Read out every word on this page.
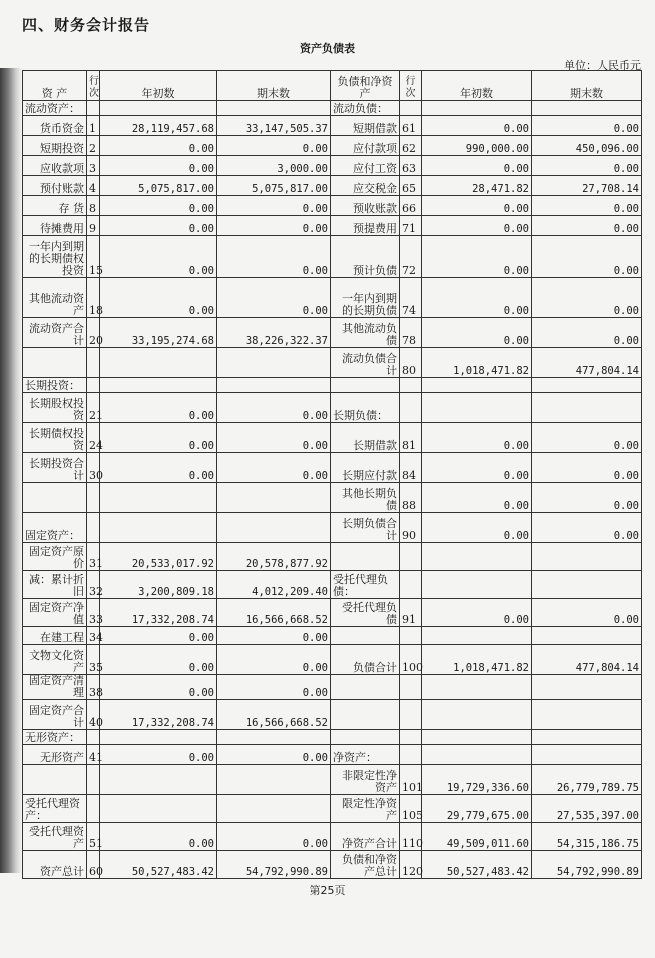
四、财务会计报告
资产负债表
单位：人民币元
资 产	行次	年初数	期末数	负债和净资产	行次	年初数	期末数
流动资产：				流动负债：			
货币资金	1	28,119,457.68	33,147,505.37	短期借款	61	0.00	0.00
短期投资	2	0.00	0.00	应付款项	62	990,000.00	450,096.00
应收款项	3	0.00	3,000.00	应付工资	63	0.00	0.00
预付账款	4	5,075,817.00	5,075,817.00	应交税金	65	28,471.82	27,708.14
存 货	8	0.00	0.00	预收账款	66	0.00	0.00
待摊费用	9	0.00	0.00	预提费用	71	0.00	0.00
一年内到期的长期债权投资	15	0.00	0.00	预计负债	72	0.00	0.00
其他流动资产	18	0.00	0.00	一年内到期的长期负债	74	0.00	0.00
流动资产合计	20	33,195,274.68	38,226,322.37	其他流动负债	78	0.00	0.00
				流动负债合计	80	1,018,471.82	477,804.14
长期投资：							
长期股权投资	21	0.00	0.00	长期负债：			
长期债权投资	24	0.00	0.00	长期借款	81	0.00	0.00
长期投资合计	30	0.00	0.00	长期应付款	84	0.00	0.00
				其他长期负债	88	0.00	0.00
固定资产：				长期负债合计	90	0.00	0.00
固定资产原价	31	20,533,017.92	20,578,877.92				
减：累计折旧	32	3,200,809.18	4,012,209.40	受托代理负债：			
固定资产净值	33	17,332,208.74	16,566,668.52	受托代理负债	91	0.00	0.00
在建工程	34	0.00	0.00				
文物文化资产	35	0.00	0.00	负债合计	100	1,018,471.82	477,804.14
固定资产清理	38	0.00	0.00				
固定资产合计	40	17,332,208.74	16,566,668.52				
无形资产：							
无形资产	41	0.00	0.00	净资产：			
				非限定性净资产	101	19,729,336.60	26,779,789.75
受托代理资产：				限定性净资产	105	29,779,675.00	27,535,397.00
受托代理资产	51	0.00	0.00	净资产合计	110	49,509,011.60	54,315,186.75
资产总计	60	50,527,483.42	54,792,990.89	负债和净资产总计	120	50,527,483.42	54,792,990.89
第25页
